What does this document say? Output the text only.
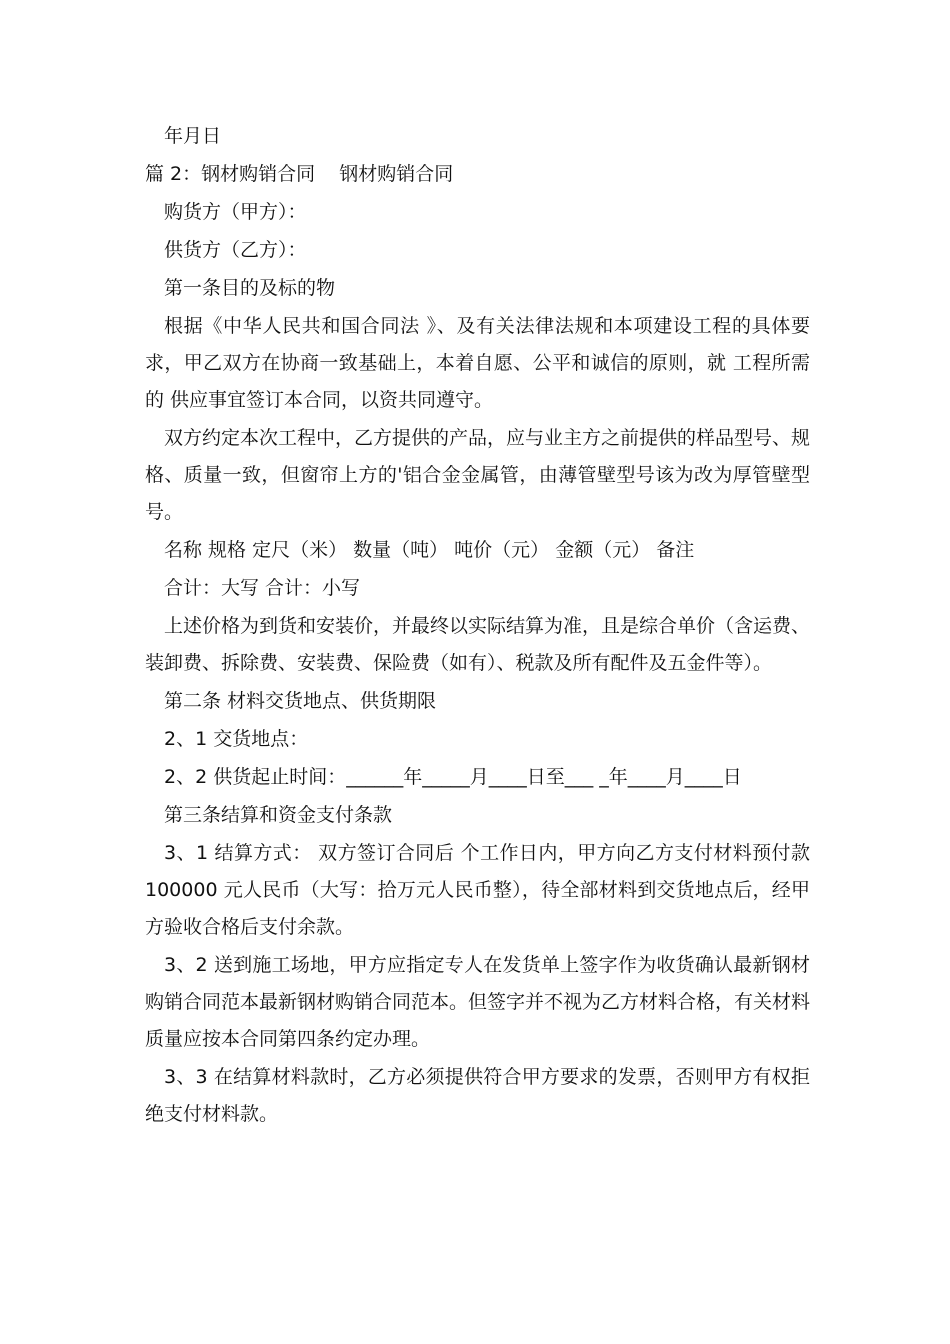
年月日

篇 2：钢材购销合同    钢材购销合同

购货方（甲方）：

供货方（乙方）：

第一条目的及标的物

根据《中华人民共和国合同法 》、及有关法律法规和本项建设工程的具体要求，甲乙双方在协商一致基础上，本着自愿、公平和诚信的原则，就 工程所需的 供应事宜签订本合同，以资共同遵守。

双方约定本次工程中，乙方提供的产品，应与业主方之前提供的样品型号、规格、质量一致，但窗帘上方的'铝合金金属管，由薄管壁型号该为改为厚管壁型号。

名称 规格 定尺（米） 数量（吨） 吨价（元） 金额（元） 备注

合计：大写 合计：小写

上述价格为到货和安装价，并最终以实际结算为准，且是综合单价（含运费、装卸费、拆除费、安装费、保险费（如有）、税款及所有配件及五金件等）。

第二条 材料交货地点、供货期限

2、1 交货地点：

2、2 供货起止时间：______年_____月____日至___ _年____月____日

第三条结算和资金支付条款

3、1 结算方式： 双方签订合同后 个工作日内，甲方向乙方支付材料预付款 100000 元人民币（大写：拾万元人民币整），待全部材料到交货地点后，经甲方验收合格后支付余款。

3、2 送到施工场地，甲方应指定专人在发货单上签字作为收货确认最新钢材购销合同范本最新钢材购销合同范本。但签字并不视为乙方材料合格，有关材料质量应按本合同第四条约定办理。

3、3 在结算材料款时，乙方必须提供符合甲方要求的发票，否则甲方有权拒绝支付材料款。
